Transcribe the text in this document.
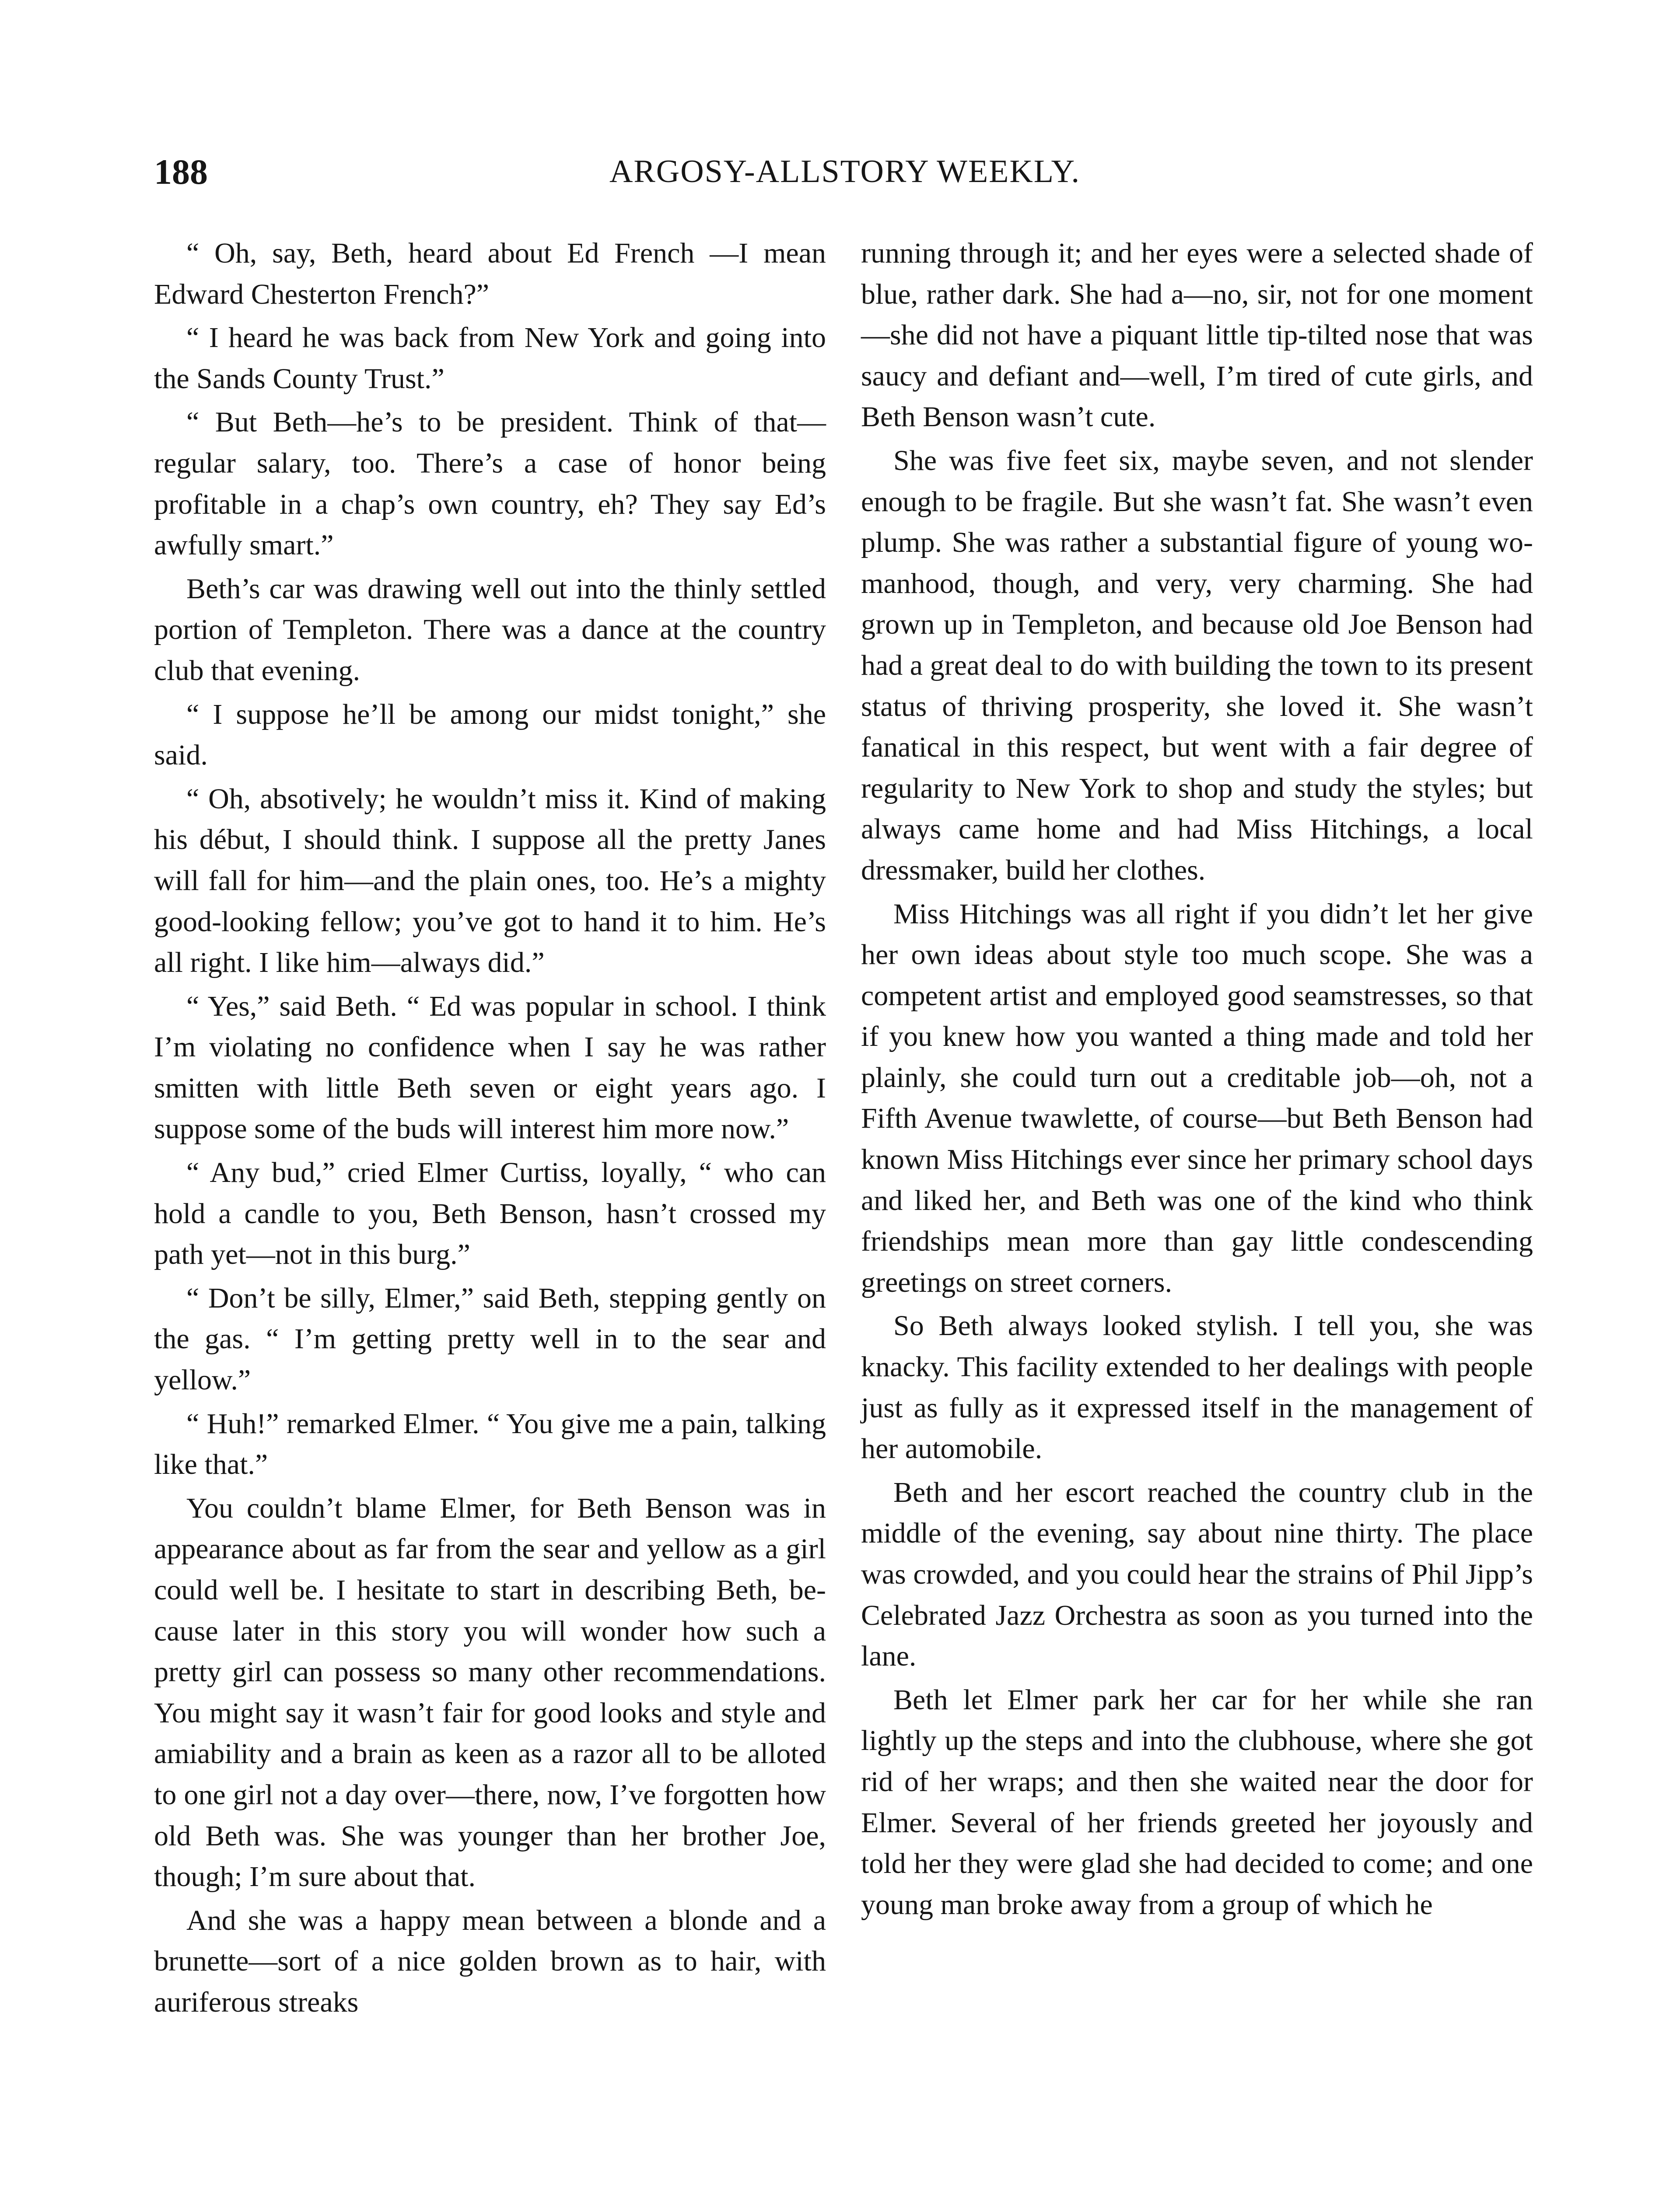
188	ARGOSY-ALLSTORY WEEKLY.

“ Oh, say, Beth, heard about Ed French —I mean Edward Chesterton French?”

“ I heard he was back from New York and going into the Sands County Trust.”

“ But Beth—he’s to be president. Think of that—regular salary, too. There’s a case of honor being profitable in a chap’s own country, eh? They say Ed’s awfully smart.”

Beth’s car was drawing well out into the thinly settled portion of Templeton. There was a dance at the country club that evening.

“ I suppose he’ll be among our midst tonight,” she said.

“ Oh, absotively; he wouldn’t miss it. Kind of making his début, I should think. I suppose all the pretty Janes will fall for him—and the plain ones, too. He’s a mighty good-looking fellow; you’ve got to hand it to him. He’s all right. I like him—always did.”

“ Yes,” said Beth. “ Ed was popular in school. I think I’m violating no confidence when I say he was rather smitten with little Beth seven or eight years ago. I suppose some of the buds will interest him more now.”

“ Any bud,” cried Elmer Curtiss, loyally, “ who can hold a candle to you, Beth Benson, hasn’t crossed my path yet—not in this burg.”

“ Don’t be silly, Elmer,” said Beth, stepping gently on the gas. “ I’m getting pretty well in to the sear and yellow.”

“ Huh!” remarked Elmer. “ You give me a pain, talking like that.”

You couldn’t blame Elmer, for Beth Benson was in appearance about as far from the sear and yellow as a girl could well be. I hesitate to start in describing Beth, because later in this story you will wonder how such a pretty girl can possess so many other recommendations. You might say it wasn’t fair for good looks and style and amiability and a brain as keen as a razor all to be alloted to one girl not a day over—there, now, I’ve forgotten how old Beth was. She was younger than her brother Joe, though; I’m sure about that.

And she was a happy mean between a blonde and a brunette—sort of a nice golden brown as to hair, with auriferous streaks

running through it; and her eyes were a selected shade of blue, rather dark. She had a—no, sir, not for one moment—she did not have a piquant little tip-tilted nose that was saucy and defiant and—well, I’m tired of cute girls, and Beth Benson wasn’t cute.

She was five feet six, maybe seven, and not slender enough to be fragile. But she wasn’t fat. She wasn’t even plump. She was rather a substantial figure of young womanhood, though, and very, very charming. She had grown up in Templeton, and because old Joe Benson had had a great deal to do with building the town to its present status of thriving prosperity, she loved it. She wasn’t fanatical in this respect, but went with a fair degree of regularity to New York to shop and study the styles; but always came home and had Miss Hitchings, a local dressmaker, build her clothes.

Miss Hitchings was all right if you didn’t let her give her own ideas about style too much scope. She was a competent artist and employed good seamstresses, so that if you knew how you wanted a thing made and told her plainly, she could turn out a creditable job—oh, not a Fifth Avenue twawlette, of course—but Beth Benson had known Miss Hitchings ever since her primary school days and liked her, and Beth was one of the kind who think friendships mean more than gay little condescending greetings on street corners.

So Beth always looked stylish. I tell you, she was knacky. This facility extended to her dealings with people just as fully as it expressed itself in the management of her automobile.

Beth and her escort reached the country club in the middle of the evening, say about nine thirty. The place was crowded, and you could hear the strains of Phil Jipp’s Celebrated Jazz Orchestra as soon as you turned into the lane.

Beth let Elmer park her car for her while she ran lightly up the steps and into the clubhouse, where she got rid of her wraps; and then she waited near the door for Elmer. Several of her friends greeted her joyously and told her they were glad she had decided to come; and one young man broke away from a group of which he
